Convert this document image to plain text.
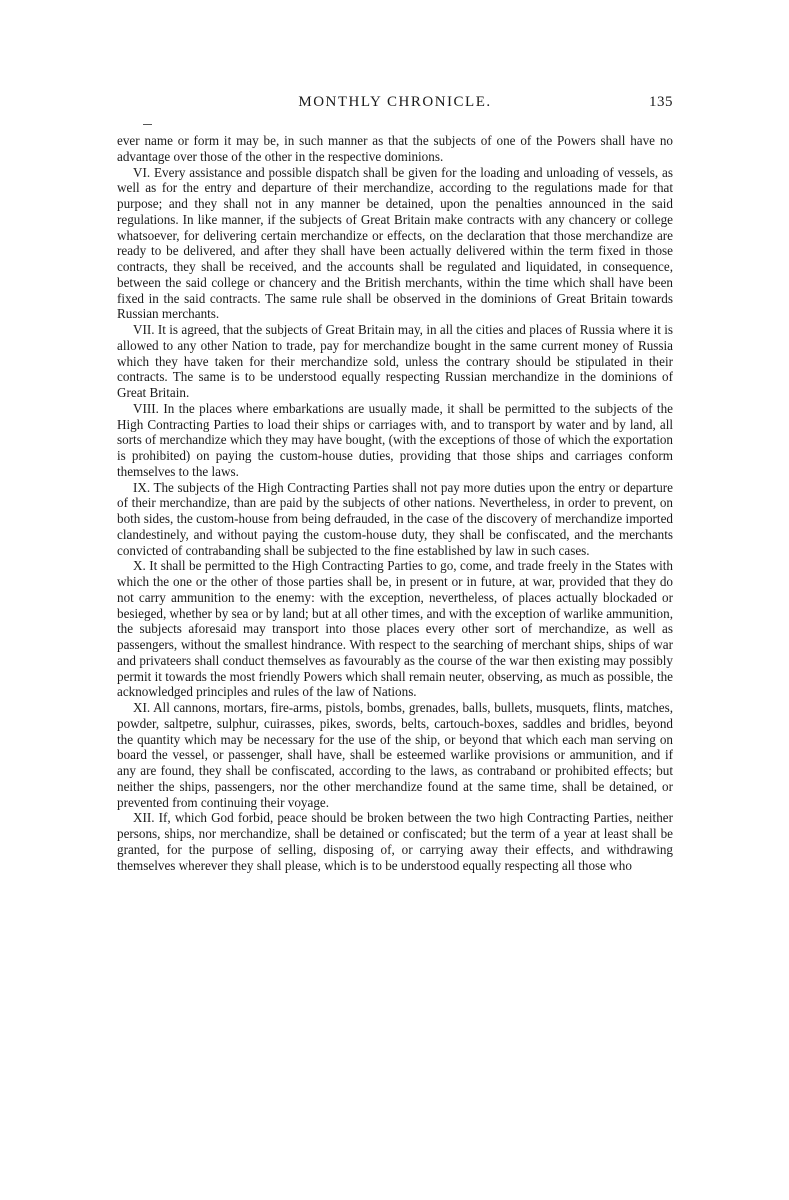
MONTHLY CHRONICLE.	135

ever name or form it may be, in such manner as that the subjects of one of the Powers shall have no advantage over those of the other in the respective dominions.

VI. Every assistance and possible dispatch shall be given for the loading and unloading of vessels, as well as for the entry and departure of their merchandize, according to the regulations made for that purpose; and they shall not in any manner be detained, upon the penalties announced in the said regulations. In like manner, if the subjects of Great Britain make contracts with any chancery or college whatsoever, for delivering certain merchandize or effects, on the declaration that those merchandize are ready to be delivered, and after they shall have been actually delivered within the term fixed in those contracts, they shall be received, and the accounts shall be regulated and liquidated, in consequence, between the said college or chancery and the British merchants, within the time which shall have been fixed in the said contracts. The same rule shall be observed in the dominions of Great Britain towards Russian merchants.

VII. It is agreed, that the subjects of Great Britain may, in all the cities and places of Russia where it is allowed to any other Nation to trade, pay for merchandize bought in the same current money of Russia which they have taken for their merchandize sold, unless the contrary should be stipulated in their contracts. The same is to be understood equally respecting Russian merchandize in the dominions of Great Britain.

VIII. In the places where embarkations are usually made, it shall be permitted to the subjects of the High Contracting Parties to load their ships or carriages with, and to transport by water and by land, all sorts of merchandize which they may have bought, (with the exceptions of those of which the exportation is prohibited) on paying the custom-house duties, providing that those ships and carriages conform themselves to the laws.

IX. The subjects of the High Contracting Parties shall not pay more duties upon the entry or departure of their merchandize, than are paid by the subjects of other nations. Nevertheless, in order to prevent, on both sides, the custom-house from being defrauded, in the case of the discovery of merchandize imported clandestinely, and without paying the custom-house duty, they shall be confiscated, and the merchants convicted of contrabanding shall be subjected to the fine established by law in such cases.

X. It shall be permitted to the High Contracting Parties to go, come, and trade freely in the States with which the one or the other of those parties shall be, in present or in future, at war, provided that they do not carry ammunition to the enemy: with the exception, nevertheless, of places actually blockaded or besieged, whether by sea or by land; but at all other times, and with the exception of warlike ammunition, the subjects aforesaid may transport into those places every other sort of merchandize, as well as passengers, without the smallest hindrance. With respect to the searching of merchant ships, ships of war and privateers shall conduct themselves as favourably as the course of the war then existing may possibly permit it towards the most friendly Powers which shall remain neuter, observing, as much as possible, the acknowledged principles and rules of the law of Nations.

XI. All cannons, mortars, fire-arms, pistols, bombs, grenades, balls, bullets, musquets, flints, matches, powder, saltpetre, sulphur, cuirasses, pikes, swords, belts, cartouch-boxes, saddles and bridles, beyond the quantity which may be necessary for the use of the ship, or beyond that which each man serving on board the vessel, or passenger, shall have, shall be esteemed warlike provisions or ammunition, and if any are found, they shall be confiscated, according to the laws, as contraband or prohibited effects; but neither the ships, passengers, nor the other merchandize found at the same time, shall be detained, or prevented from continuing their voyage.

XII. If, which God forbid, peace should be broken between the two high Contracting Parties, neither persons, ships, nor merchandize, shall be detained or confiscated; but the term of a year at least shall be granted, for the purpose of selling, disposing of, or carrying away their effects, and withdrawing themselves wherever they shall please, which is to be understood equally respecting all those who
